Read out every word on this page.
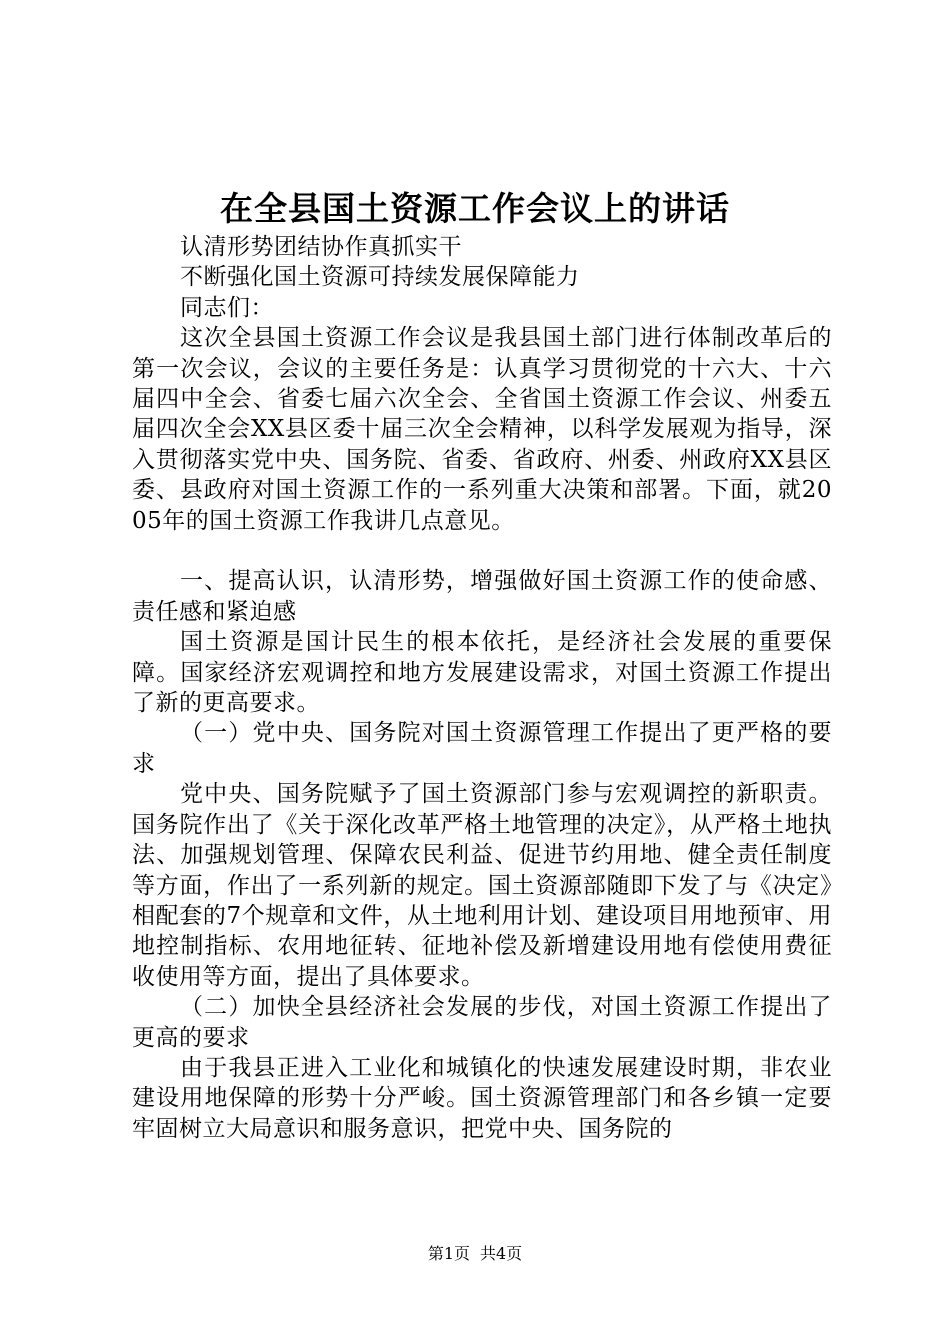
在全县国土资源工作会议上的讲话

认清形势团结协作真抓实干

不断强化国土资源可持续发展保障能力

同志们：

这次全县国土资源工作会议是我县国土部门进行体制改革后的第一次会议，会议的主要任务是：认真学习贯彻党的十六大、十六届四中全会、省委七届六次全会、全省国土资源工作会议、州委五届四次全会XX县区委十届三次全会精神，以科学发展观为指导，深入贯彻落实党中央、国务院、省委、省政府、州委、州政府XX县区委、县政府对国土资源工作的一系列重大决策和部署。下面，就2005年的国土资源工作我讲几点意见。

一、提高认识，认清形势，增强做好国土资源工作的使命感、责任感和紧迫感

国土资源是国计民生的根本依托，是经济社会发展的重要保障。国家经济宏观调控和地方发展建设需求，对国土资源工作提出了新的更高要求。

（一）党中央、国务院对国土资源管理工作提出了更严格的要求

党中央、国务院赋予了国土资源部门参与宏观调控的新职责。国务院作出了《关于深化改革严格土地管理的决定》，从严格土地执法、加强规划管理、保障农民利益、促进节约用地、健全责任制度等方面，作出了一系列新的规定。国土资源部随即下发了与《决定》相配套的7个规章和文件，从土地利用计划、建设项目用地预审、用地控制指标、农用地征转、征地补偿及新增建设用地有偿使用费征收使用等方面，提出了具体要求。

（二）加快全县经济社会发展的步伐，对国土资源工作提出了更高的要求

由于我县正进入工业化和城镇化的快速发展建设时期，非农业建设用地保障的形势十分严峻。国土资源管理部门和各乡镇一定要牢固树立大局意识和服务意识，把党中央、国务院的

第1页 共4页
